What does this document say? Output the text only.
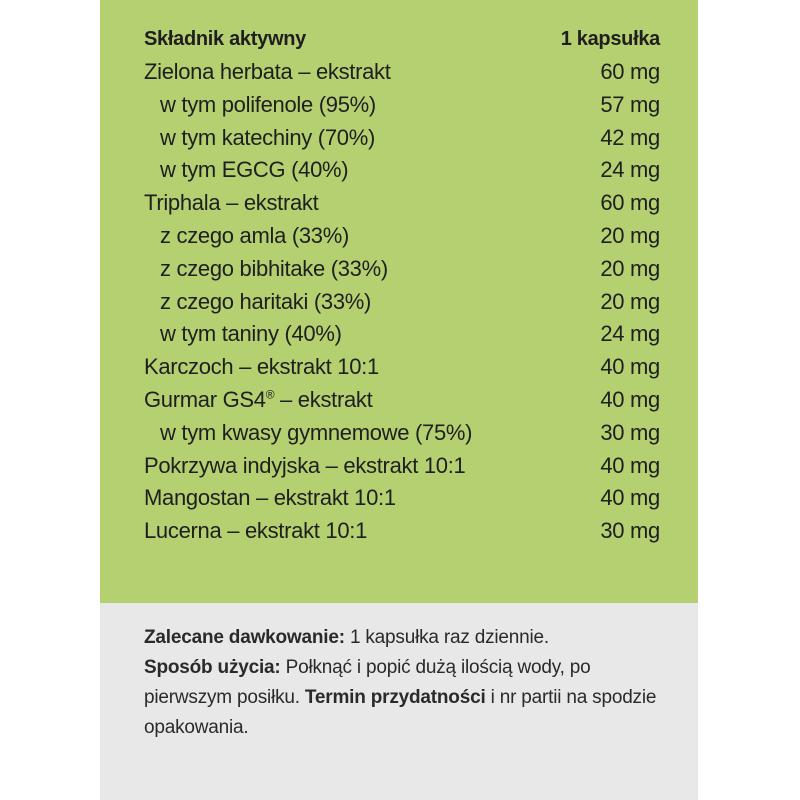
Składnik aktywny	1 kapsułka
Zielona herbata – ekstrakt	60 mg
w tym polifenole (95%)	57 mg
w tym katechiny (70%)	42 mg
w tym EGCG (40%)	24 mg
Triphala – ekstrakt	60 mg
z czego amla (33%)	20 mg
z czego bibhitake (33%)	20 mg
z czego haritaki (33%)	20 mg
w tym taniny (40%)	24 mg
Karczoch – ekstrakt 10:1	40 mg
Gurmar GS4® – ekstrakt	40 mg
w tym kwasy gymnemowe (75%)	30 mg
Pokrzywa indyjska – ekstrakt 10:1	40 mg
Mangostan – ekstrakt 10:1	40 mg
Lucerna – ekstrakt 10:1	30 mg

Zalecane dawkowanie: 1 kapsułka raz dziennie.

Sposób użycia: Połknąć i popić dużą ilością wody, po pierwszym posiłku. Termin przydatności i nr partii na spodzie opakowania.
